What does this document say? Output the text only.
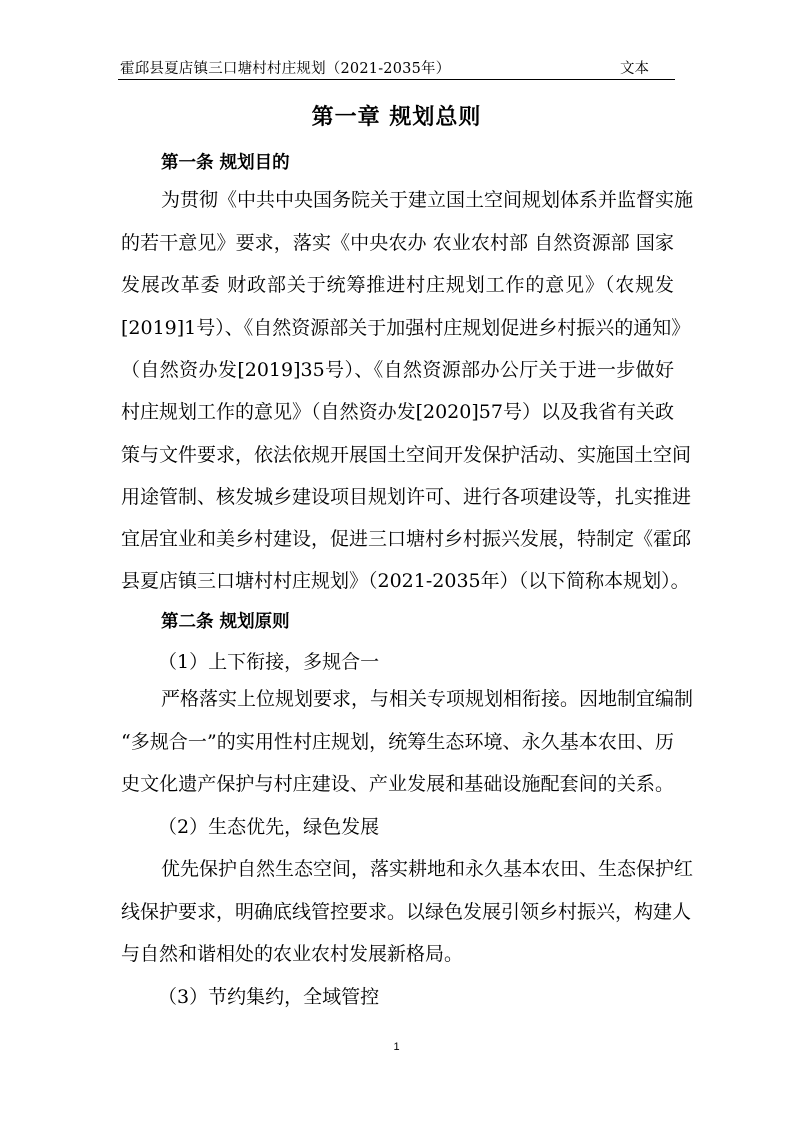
霍邱县夏店镇三口塘村村庄规划（2021-2035年）	文本
第一章 规划总则
第一条 规划目的
为贯彻《中共中央国务院关于建立国土空间规划体系并监督实施
的若干意见》要求，落实《中央农办 农业农村部 自然资源部 国家
发展改革委 财政部关于统筹推进村庄规划工作的意见》（农规发
[2019]1号）、《自然资源部关于加强村庄规划促进乡村振兴的通知》
（自然资办发[2019]35号）、《自然资源部办公厅关于进一步做好
村庄规划工作的意见》（自然资办发[2020]57号）以及我省有关政
策与文件要求，依法依规开展国土空间开发保护活动、实施国土空间
用途管制、核发城乡建设项目规划许可、进行各项建设等，扎实推进
宜居宜业和美乡村建设，促进三口塘村乡村振兴发展，特制定《霍邱
县夏店镇三口塘村村庄规划》（2021-2035年）（以下简称本规划）。
第二条 规划原则
（1）上下衔接，多规合一
严格落实上位规划要求，与相关专项规划相衔接。因地制宜编制
“多规合一”的实用性村庄规划，统筹生态环境、永久基本农田、历
史文化遗产保护与村庄建设、产业发展和基础设施配套间的关系。
（2）生态优先，绿色发展
优先保护自然生态空间，落实耕地和永久基本农田、生态保护红
线保护要求，明确底线管控要求。以绿色发展引领乡村振兴，构建人
与自然和谐相处的农业农村发展新格局。
（3）节约集约，全域管控
1
